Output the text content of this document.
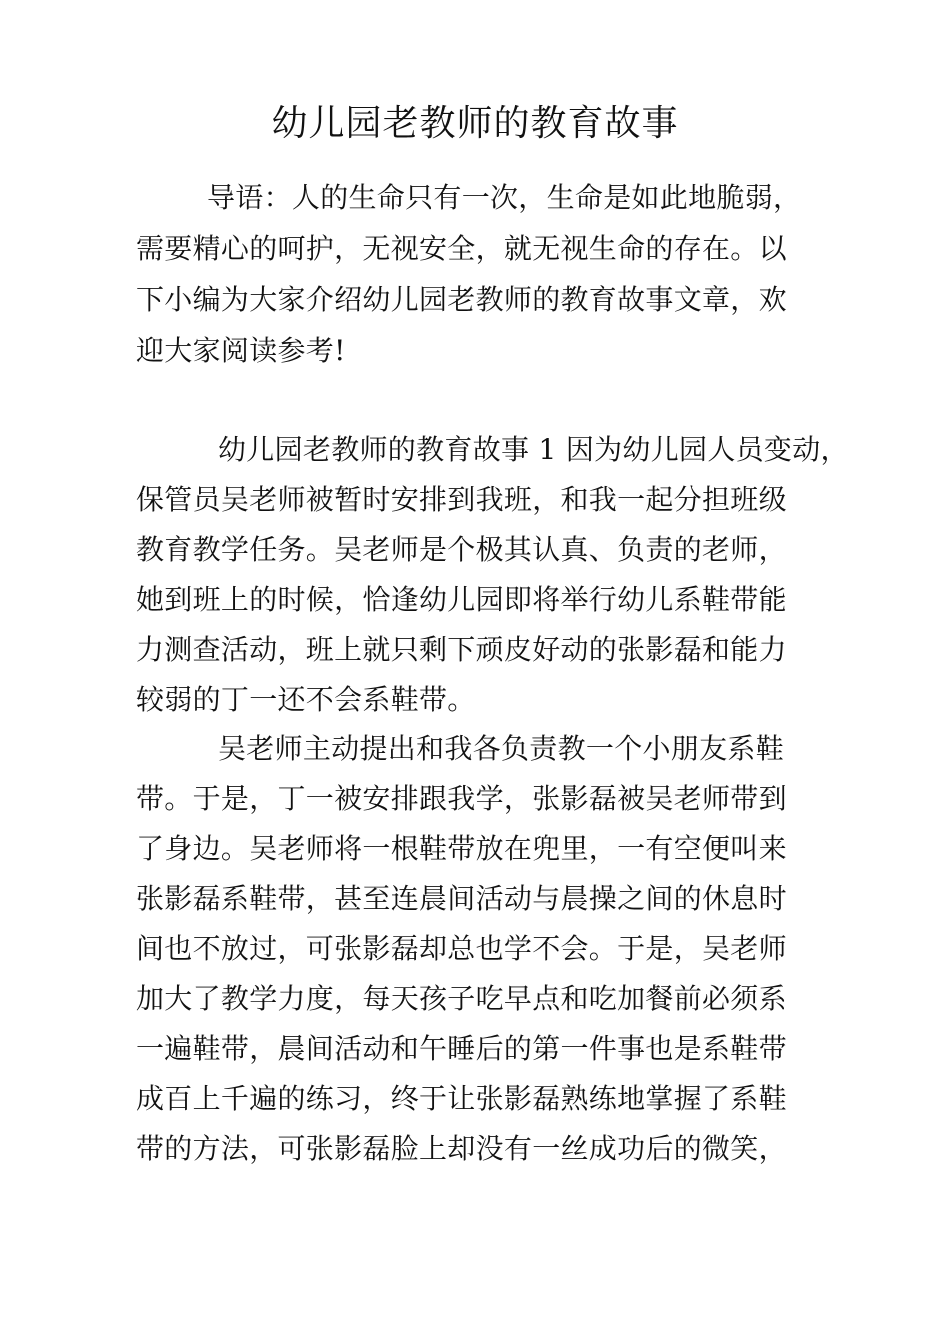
幼儿园老教师的教育故事
导语：人的生命只有一次，生命是如此地脆弱，
需要精心的呵护，无视安全，就无视生命的存在。以
下小编为大家介绍幼儿园老教师的教育故事文章，欢
迎大家阅读参考!
幼儿园老教师的教育故事 1 因为幼儿园人员变动，
保管员吴老师被暂时安排到我班，和我一起分担班级
教育教学任务。吴老师是个极其认真、负责的老师，
她到班上的时候，恰逢幼儿园即将举行幼儿系鞋带能
力测查活动，班上就只剩下顽皮好动的张影磊和能力
较弱的丁一还不会系鞋带。
吴老师主动提出和我各负责教一个小朋友系鞋
带。于是，丁一被安排跟我学，张影磊被吴老师带到
了身边。吴老师将一根鞋带放在兜里，一有空便叫来
张影磊系鞋带，甚至连晨间活动与晨操之间的休息时
间也不放过，可张影磊却总也学不会。于是，吴老师
加大了教学力度，每天孩子吃早点和吃加餐前必须系
一遍鞋带，晨间活动和午睡后的第一件事也是系鞋带
成百上千遍的练习，终于让张影磊熟练地掌握了系鞋
带的方法，可张影磊脸上却没有一丝成功后的微笑，
